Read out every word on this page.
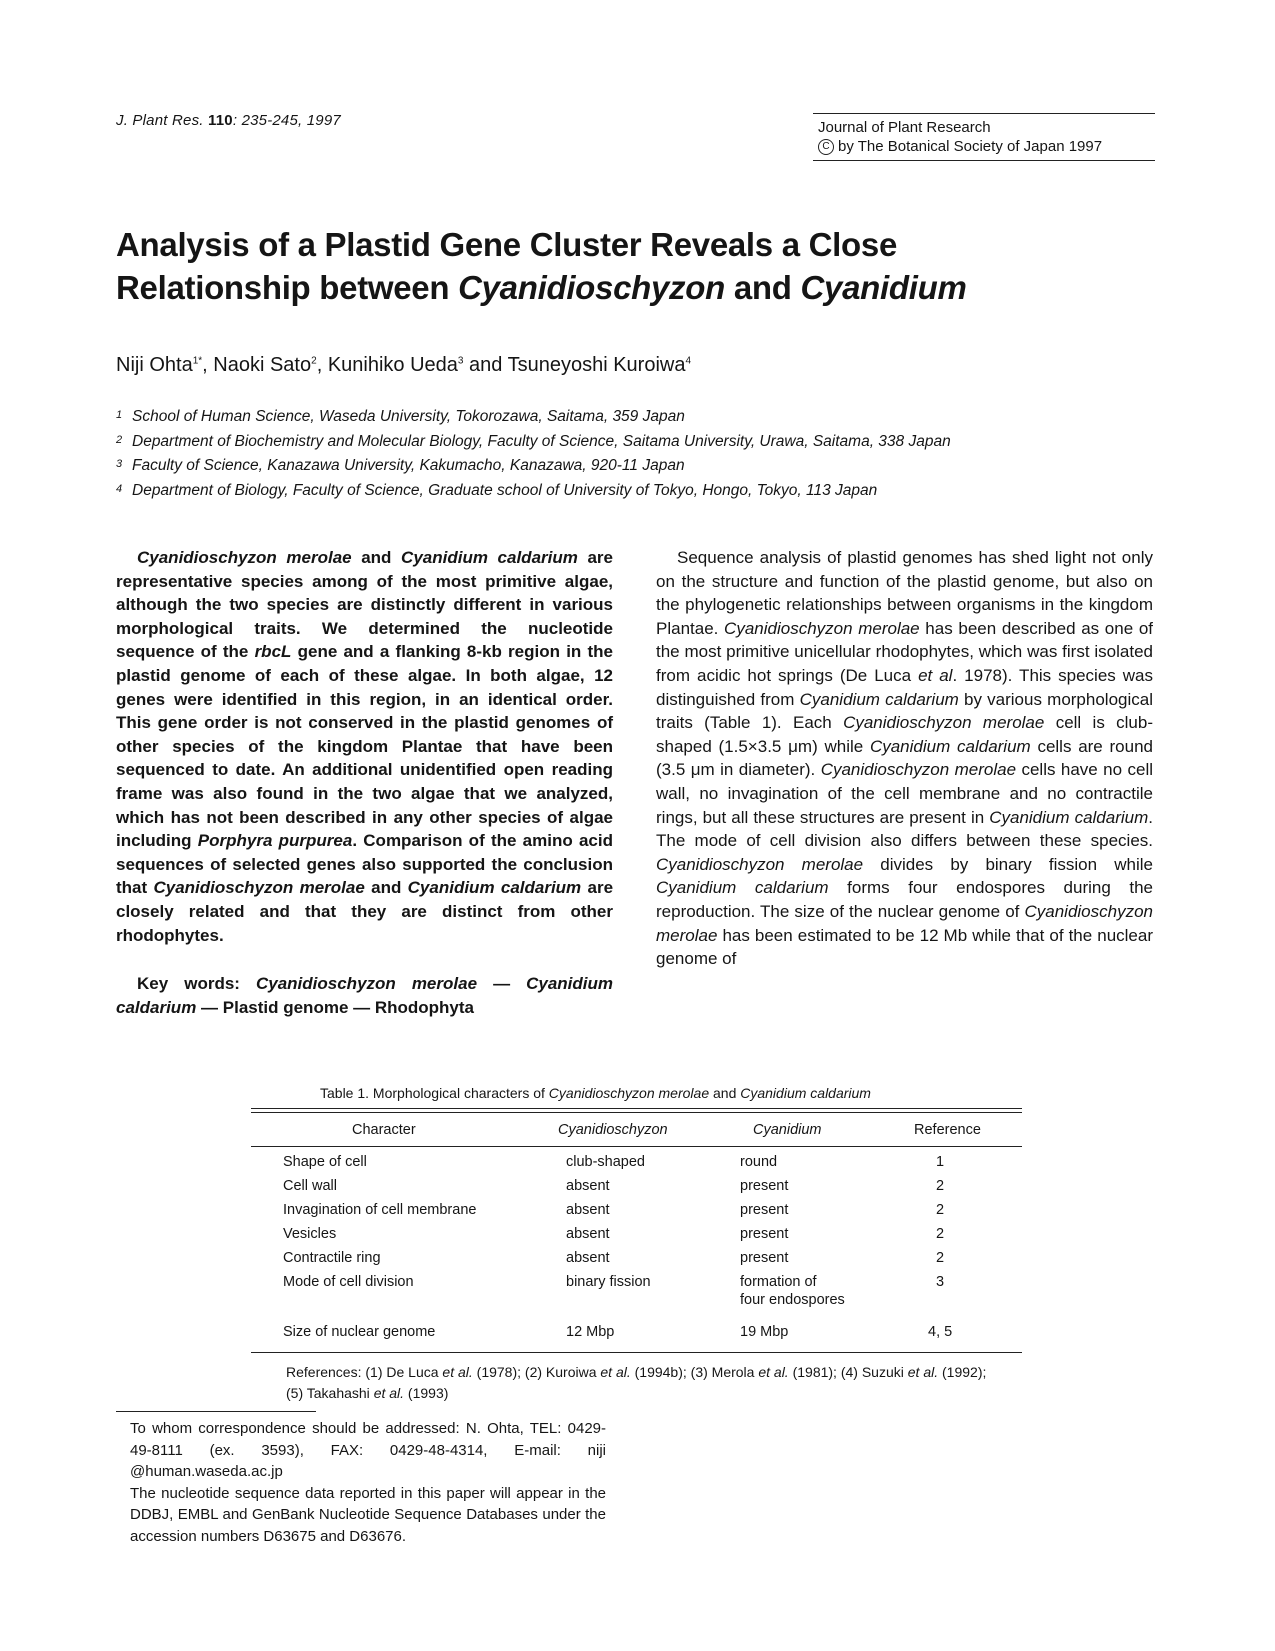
J. Plant Res. 110: 235-245, 1997	Journal of Plant Research
C by The Botanical Society of Japan 1997
Analysis of a Plastid Gene Cluster Reveals a Close
Relationship between Cyanidioschyzon and Cyanidium
Niji Ohta$^{1*}$, Naoki Sato$^2$, Kunihiko Ueda$^3$ and Tsuneyoshi Kuroiwa$^4$
1 School of Human Science, Waseda University, Tokorozawa, Saitama, 359 Japan
2 Department of Biochemistry and Molecular Biology, Faculty of Science, Saitama University, Urawa, Saitama, 338 Japan
3 Faculty of Science, Kanazawa University, Kakumacho, Kanazawa, 920-11 Japan
4 Department of Biology, Faculty of Science, Graduate school of University of Tokyo, Hongo, Tokyo, 113 Japan
Cyanidioschyzon merolae and Cyanidium caldarium are representative species among of the most primitive algae, although the two species are distinctly different in various morphological traits. We determined the nucleotide sequence of the rbcL gene and a flanking 8-kb region in the plastid genome of each of these algae. In both algae, 12 genes were identified in this region, in an identical order. This gene order is not conserved in the plastid genomes of other species of the kingdom Plantae that have been sequenced to date. An additional unidentified open reading frame was also found in the two algae that we analyzed, which has not been described in any other species of algae including Porphyra purpurea. Comparison of the amino acid sequences of selected genes also supported the conclusion that Cyanidioschyzon merolae and Cyanidium caldarium are closely related and that they are distinct from other rhodophytes.
Key words: Cyanidioschyzon merolae — Cyanidium caldarium — Plastid genome — Rhodophyta
Sequence analysis of plastid genomes has shed light not only on the structure and function of the plastid genome, but also on the phylogenetic relationships between organisms in the kingdom Plantae. Cyanidioschyzon merolae has been described as one of the most primitive unicellular rhodophytes, which was first isolated from acidic hot springs (De Luca et al. 1978). This species was distinguished from Cyanidium caldarium by various morphological traits (Table 1). Each Cyanidioschyzon merolae cell is club-shaped (1.5×3.5 μm) while Cyanidium caldarium cells are round (3.5 μm in diameter). Cyanidioschyzon merolae cells have no cell wall, no invagination of the cell membrane and no contractile rings, but all these structures are present in Cyanidium caldarium. The mode of cell division also differs between these species. Cyanidioschyzon merolae divides by binary fission while Cyanidium caldarium forms four endospores during the reproduction. The size of the nuclear genome of Cyanidioschyzon merolae has been estimated to be 12 Mb while that of the nuclear genome of
Table 1. Morphological characters of Cyanidioschyzon merolae and Cyanidium caldarium
Character	Cyanidioschyzon	Cyanidium	Reference
Shape of cell	club-shaped	round	1
Cell wall	absent	present	2
Invagination of cell membrane	absent	present	2
Vesicles	absent	present	2
Contractile ring	absent	present	2
Mode of cell division	binary fission	formation of	3
four endospores
Size of nuclear genome	12 Mbp	19 Mbp	4, 5
References: (1) De Luca et al. (1978); (2) Kuroiwa et al. (1994b); (3) Merola et al. (1981); (4) Suzuki et al. (1992); (5) Takahashi et al. (1993)
To whom correspondence should be addressed: N. Ohta, TEL: 0429-49-8111 (ex. 3593), FAX: 0429-48-4314, E-mail: niji @human.waseda.ac.jp
The nucleotide sequence data reported in this paper will appear in the DDBJ, EMBL and GenBank Nucleotide Sequence Databases under the accession numbers D63675 and D63676.
